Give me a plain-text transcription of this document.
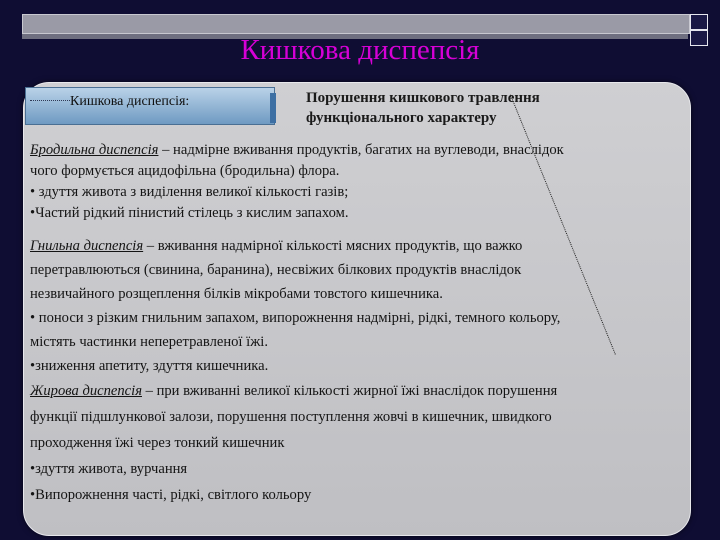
Кишкова диспепсія
Кишкова диспепсія:	Порушення кишкового травлення функціонального характеру
Бродильна диспепсія – надмірне вживання продуктів, багатих на вуглеводи, внаслідок
чого формується ацидофільна (бродильна) флора.
• здуття живота з виділення великої кількості газів;
•Частий рідкий пінистий стілець з кислим запахом.
Гнильна диспепсія – вживання надмірної кількості мясних продуктів, що важко
перетравлюються (свинина, баранина), несвіжих білкових продуктів внаслідок
незвичайного розщеплення білків мікробами товстого кишечника.
• поноси з різким гнильним запахом, випорожнення надмірні, рідкі, темного кольору,
містять частинки неперетравленої їжі.
•зниження апетиту, здуття кишечника.
Жирова диспепсія – при вживанні великої кількості жирної їжі внаслідок порушення
функції підшлункової залози, порушення поступлення жовчі в кишечник, швидкого
проходження їжі через тонкий кишечник
•здуття живота, вурчання
•Випорожнення часті, рідкі, світлого кольору
